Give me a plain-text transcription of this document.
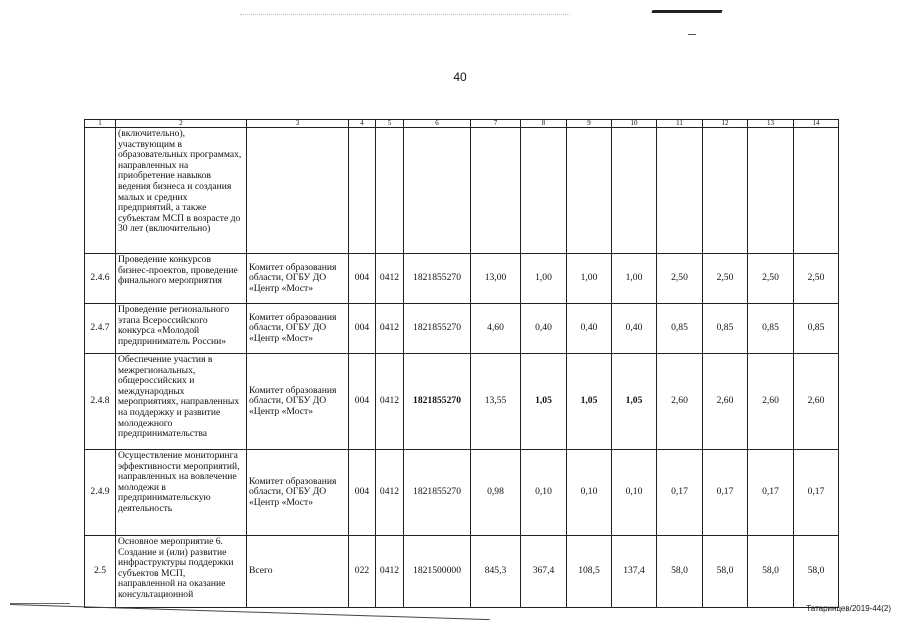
40
1	2	3	4	5	6	7	8	9	10	11	12	13	14
	(включительно), участвующим в образовательных программах, направленных на приобретение навыков ведения бизнеса и создания малых и средних предприятий, а также субъектам МСП в возрасте до 30 лет (включительно)												
2.4.6	Проведение конкурсов бизнес-проектов, проведение финального мероприятия	Комитет образования области, ОГБУ ДО «Центр «Мост»	004	0412	1821855270	13,00	1,00	1,00	1,00	2,50	2,50	2,50	2,50
2.4.7	Проведение регионального этапа Всероссийского конкурса «Молодой предприниматель России»	Комитет образования области, ОГБУ ДО «Центр «Мост»	004	0412	1821855270	4,60	0,40	0,40	0,40	0,85	0,85	0,85	0,85
2.4.8	Обеспечение участия в межрегиональных, общероссийских и международных мероприятиях, направленных на поддержку и развитие молодежного предпринимательства	Комитет образования области, ОГБУ ДО «Центр «Мост»	004	0412	1821855270	13,55	1,05	1,05	1,05	2,60	2,60	2,60	2,60
2.4.9	Осуществление мониторинга эффективности мероприятий, направленных на вовлечение молодежи в предпринимательскую деятельность	Комитет образования области, ОГБУ ДО «Центр «Мост»	004	0412	1821855270	0,98	0,10	0,10	0,10	0,17	0,17	0,17	0,17
2.5	Основное мероприятие 6. Создание и (или) развитие инфраструктуры поддержки субъектов МСП, направленной на оказание консультационной	Всего	022	0412	1821500000	845,3	367,4	108,5	137,4	58,0	58,0	58,0	58,0
Татаринцев/2019-44(2)
